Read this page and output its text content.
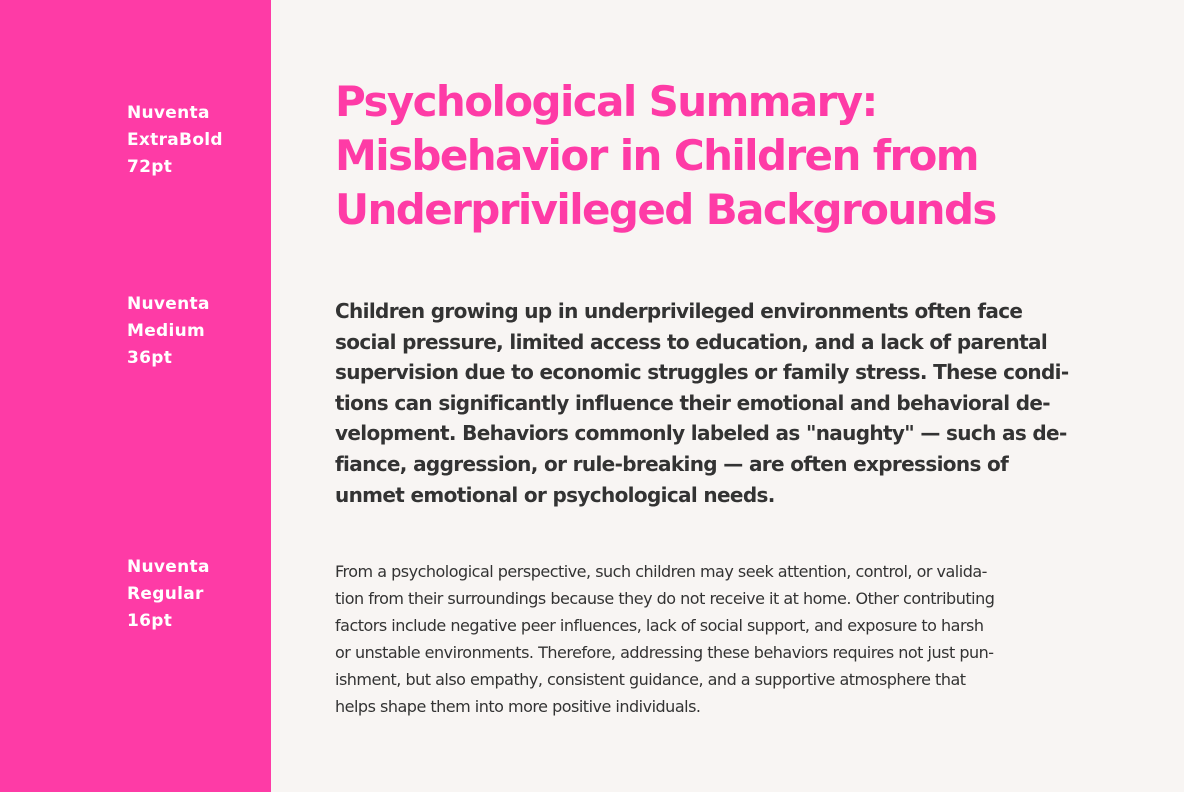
Nuventa
ExtraBold
72pt
Nuventa
Medium
36pt
Nuventa
Regular
16pt
Psychological Summary:
Misbehavior in Children from
Underprivileged Backgrounds

Children growing up in underprivileged environments often face
social pressure, limited access to education, and a lack of parental
supervision due to economic struggles or family stress. These condi-
tions can significantly influence their emotional and behavioral de-
velopment. Behaviors commonly labeled as "naughty" — such as de-
fiance, aggression, or rule-breaking — are often expressions of
unmet emotional or psychological needs.

From a psychological perspective, such children may seek attention, control, or valida-
tion from their surroundings because they do not receive it at home. Other contributing
factors include negative peer influences, lack of social support, and exposure to harsh
or unstable environments. Therefore, addressing these behaviors requires not just pun-
ishment, but also empathy, consistent guidance, and a supportive atmosphere that
helps shape them into more positive individuals.
